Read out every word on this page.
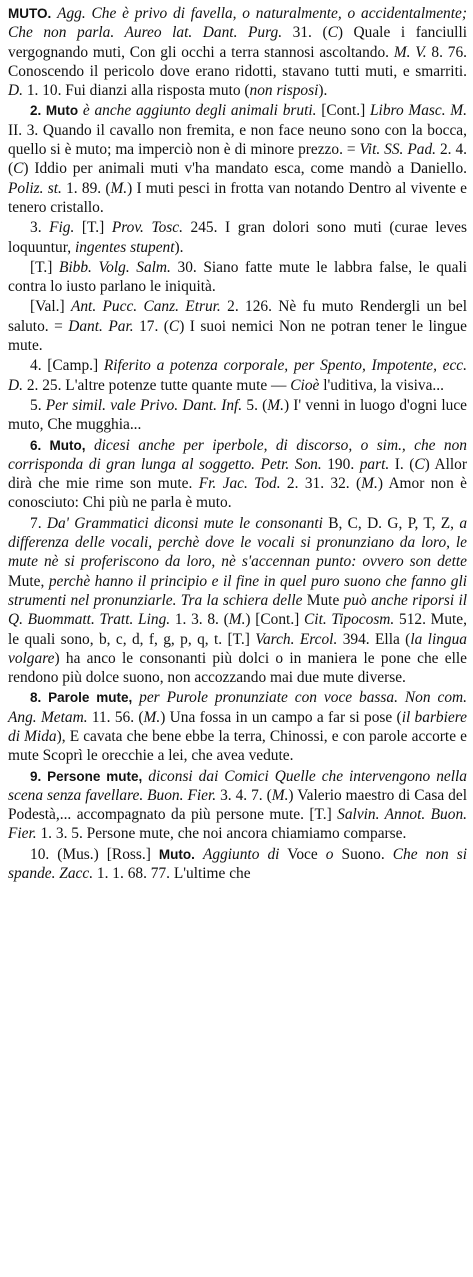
MUTO. Agg. Che è privo di favella, o naturalmente, o accidentalmente; Che non parla. Aureo lat. Dant. Purg. 31. (C) Quale i fanciulli vergognando muti, Con gli occhi a terra stannosi ascoltando. M. V. 8. 76. Conoscendo il pericolo dove erano ridotti, stavano tutti muti, e smarriti. D. 1. 10. Fui dianzi alla risposta muto (non risposi).

2. Muto è anche aggiunto degli animali bruti. [Cont.] Libro Masc. M. II. 3. Quando il cavallo non fremita, e non face neuno sono con la bocca, quello si è muto; ma imperciò non è di minore prezzo. = Vit. SS. Pad. 2. 4. (C) Iddio per animali muti v'ha mandato esca, come mandò a Daniello. Poliz. st. 1. 89. (M.) I muti pesci in frotta van notando Dentro al vivente e tenero cristallo.

3. Fig. [T.] Prov. Tosc. 245. I gran dolori sono muti (curae leves loquuntur, ingentes stupent).

[T.] Bibb. Volg. Salm. 30. Siano fatte mute le labbra false, le quali contra lo iusto parlano le iniquità.

[Val.] Ant. Pucc. Canz. Etrur. 2. 126. Nè fu muto Rendergli un bel saluto. = Dant. Par. 17. (C) I suoi nemici Non ne potran tener le lingue mute.

4. [Camp.] Riferito a potenza corporale, per Spento, Impotente, ecc. D. 2. 25. L'altre potenze tutte quante mute — Cioè l'uditiva, la visiva...

5. Per simil. vale Privo. Dant. Inf. 5. (M.) I' venni in luogo d'ogni luce muto, Che mugghia...

6. Muto, dicesi anche per iperbole, di discorso, o sim., che non corrisponda di gran lunga al soggetto. Petr. Son. 190. part. I. (C) Allor dirà che mie rime son mute. Fr. Jac. Tod. 2. 31. 32. (M.) Amor non è conosciuto: Chi più ne parla è muto.

7. Da' Grammatici diconsi mute le consonanti B, C, D. G, P, T, Z, a differenza delle vocali, perchè dove le vocali si pronunziano da loro, le mute nè si proferiscono da loro, nè s'accennan punto: ovvero son dette Mute, perchè hanno il principio e il fine in quel puro suono che fanno gli strumenti nel pronunziarle. Tra la schiera delle Mute può anche riporsi il Q. Buommatt. Tratt. Ling. 1. 3. 8. (M.) [Cont.] Cit. Tipocosm. 512. Mute, le quali sono, b, c, d, f, g, p, q, t. [T.] Varch. Ercol. 394. Ella (la lingua volgare) ha anco le consonanti più dolci o in maniera le pone che elle rendono più dolce suono, non accozzando mai due mute diverse.

8. Parole mute, per Purole pronunziate con voce bassa. Non com. Ang. Metam. 11. 56. (M.) Una fossa in un campo a far si pose (il barbiere di Mida), E cavata che bene ebbe la terra, Chinossi, e con parole accorte e mute Scoprì le orecchie a lei, che avea vedute.

9. Persone mute, diconsi dai Comici Quelle che intervengono nella scena senza favellare. Buon. Fier. 3. 4. 7. (M.) Valerio maestro di Casa del Podestà,... accompagnato da più persone mute. [T.] Salvin. Annot. Buon. Fier. 1. 3. 5. Persone mute, che noi ancora chiamiamo comparse.

10. (Mus.) [Ross.] Muto. Aggiunto di Voce o Suono. Che non si spande. Zacc. 1. 1. 68. 77. L'ultime che
